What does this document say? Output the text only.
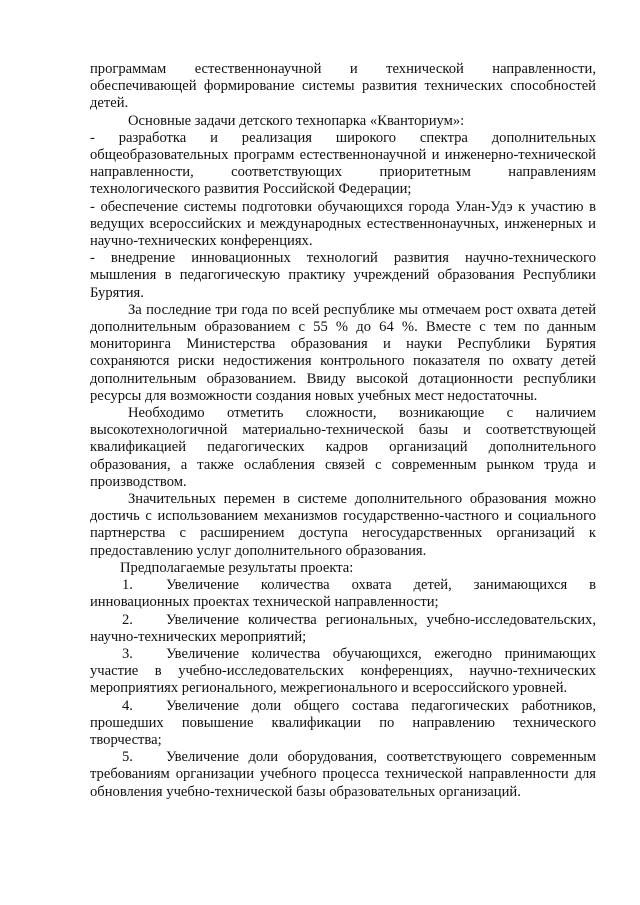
программам естественнонаучной и технической направленности, обеспечивающей формирование системы развития технических способностей детей.

Основные задачи детского технопарка «Кванториум»:

- разработка и реализация широкого спектра дополнительных общеобразовательных программ естественнонаучной и инженерно-технической направленности, соответствующих приоритетным направлениям технологического развития Российской Федерации;

- обеспечение системы подготовки обучающихся города Улан-Удэ к участию в ведущих всероссийских и международных естественнонаучных, инженерных и научно-технических конференциях.

- внедрение инновационных технологий развития научно-технического мышления в педагогическую практику учреждений образования Республики Бурятия.

За последние три года по всей республике мы отмечаем рост охвата детей дополнительным образованием с 55 % до 64 %. Вместе с тем по данным мониторинга Министерства образования и науки Республики Бурятия сохраняются риски недостижения контрольного показателя по охвату детей дополнительным образованием. Ввиду высокой дотационности республики ресурсы для возможности создания новых учебных мест недостаточны.

Необходимо отметить сложности, возникающие с наличием высокотехнологичной материально-технической базы и соответствующей квалификацией педагогических кадров организаций дополнительного образования, а также ослабления связей с современным рынком труда и производством.

Значительных перемен в системе дополнительного образования можно достичь с использованием механизмов государственно-частного и социального партнерства с расширением доступа негосударственных организаций к предоставлению услуг дополнительного образования.

Предполагаемые результаты проекта:

1. Увеличение количества охвата детей, занимающихся в инновационных проектах технической направленности;

2. Увеличение количества региональных, учебно-исследовательских, научно-технических мероприятий;

3. Увеличение количества обучающихся, ежегодно принимающих участие в учебно-исследовательских конференциях, научно-технических мероприятиях регионального, межрегионального и всероссийского уровней.

4. Увеличение доли общего состава педагогических работников, прошедших повышение квалификации по направлению технического творчества;

5. Увеличение доли оборудования, соответствующего современным требованиям организации учебного процесса технической направленности для обновления учебно-технической базы образовательных организаций.
